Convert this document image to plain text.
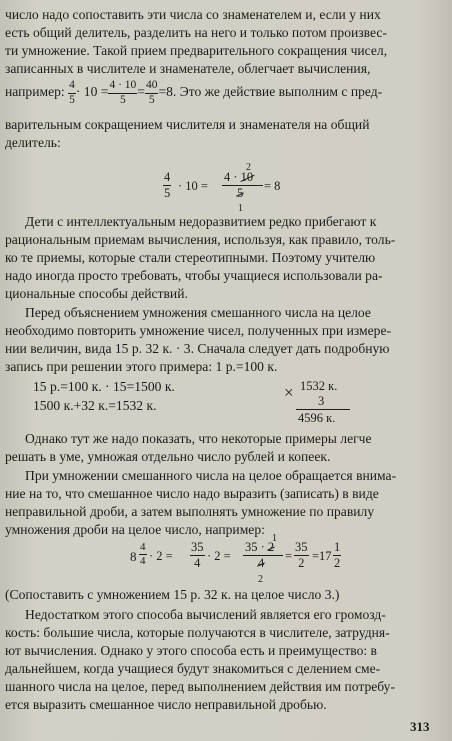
число надо сопоставить эти числа со знаменателем и, если у них
есть общий делитель, разделить на него и только потом произвес-
ти умножение. Такой прием предварительного сокращения чисел,
записанных в числителе и знаменателе, облегчает вычисления,
например: $\frac{4}{5} \cdot 10 = \frac{4 \cdot 10}{5} = \frac{40}{5} =8$. Это же действие выполним с пред-
варительным сокращением числителя и знаменателя на общий
делитель:
$\frac{4}{5} \cdot 10$ =
2
4 · 10
5
1
= 8
Дети с интеллектуальным недоразвитием редко прибегают к
рациональным приемам вычисления, используя, как правило, толь-
ко те приемы, которые стали стереотипными. Поэтому учителю
надо иногда просто требовать, чтобы учащиеся использовали ра-
циональные способы действий.
Перед объяснением умножения смешанного числа на целое
необходимо повторить умножение чисел, полученных при измере-
нии величин, вида 15 р. 32 к. · 3. Сначала следует дать подробную
запись при решении этого примера: 1 р.=100 к.
15 р.=100 к. · 15=1500 к.
1500 к.+32 к.=1532 к.
1532 к.
× 3
4596 к.
Однако тут же надо показать, что некоторые примеры легче
решать в уме, умножая отдельно число рублей и копеек.
При умножении смешанного числа на целое обращается внима-
ние на то, что смешанное число надо выразить (записать) в виде
неправильной дроби, а затем выполнять умножение по правилу
умножения дроби на целое число, например:
$8 \frac{4}{4} \cdot 2 = \frac{35}{4} \cdot 2$ =
1
35 · 2
4
2
= $\frac{35}{2} =17 \frac{1}{2}$
(Сопоставить с умножением 15 р. 32 к. на целое число 3.)
Недостатком этого способа вычислений является его громозд-
кость: большие числа, которые получаются в числителе, затрудня-
ют вычисления. Однако у этого способа есть и преимущество: в
дальнейшем, когда учащиеся будут знакомиться с делением сме-
шанного числа на целое, перед выполнением действия им потребу-
ется выразить смешанное число неправильной дробью.
313
